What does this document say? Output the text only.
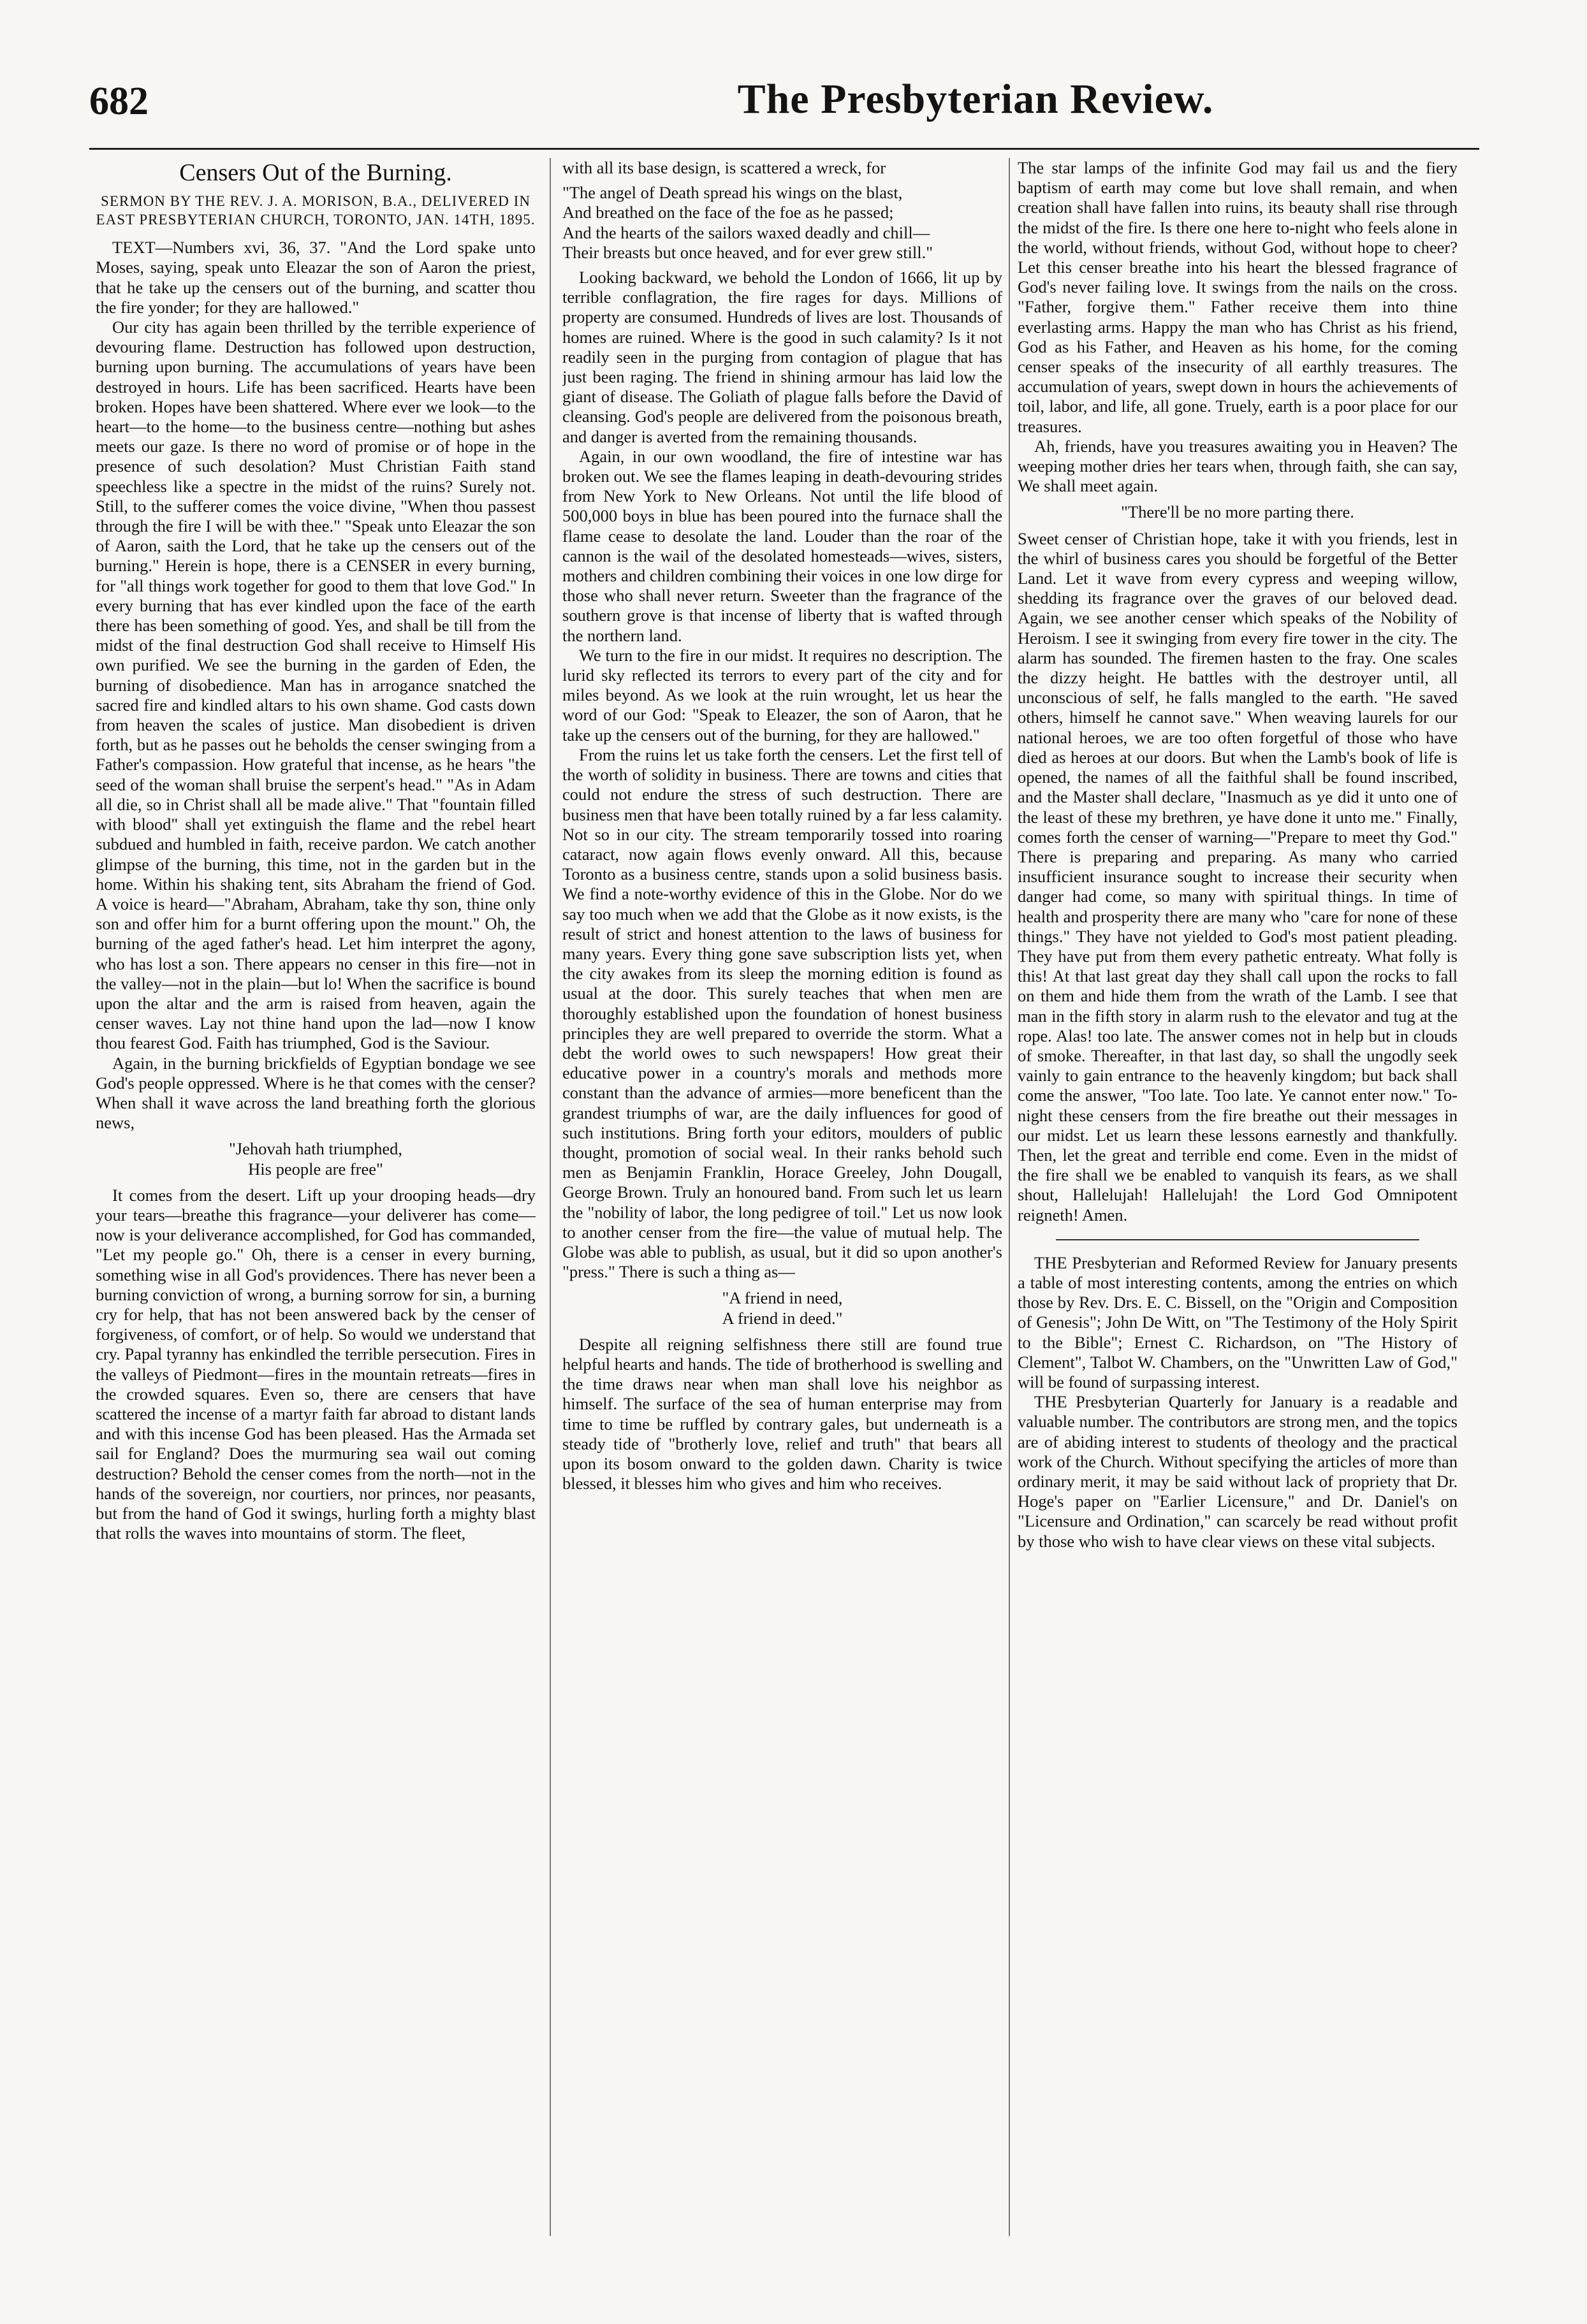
682	The Presbyterian Review.
Censers Out of the Burning.
SERMON BY THE REV. J. A. MORISON, B.A., DELIVERED IN EAST PRESBYTERIAN CHURCH, TORONTO, JAN. 14TH, 1895.

TEXT—Numbers xvi, 36, 37. "And the Lord spake unto Moses, saying, speak unto Eleazar the son of Aaron the priest, that he take up the censers out of the burning, and scatter thou the fire yonder; for they are hallowed."

Our city has again been thrilled by the terrible experience of devouring flame. Destruction has followed upon destruction, burning upon burning. The accumulations of years have been destroyed in hours. Life has been sacrificed. Hearts have been broken. Hopes have been shattered. Where ever we look—to the heart—to the home—to the business centre—nothing but ashes meets our gaze. Is there no word of promise or of hope in the presence of such desolation? Must Christian Faith stand speechless like a spectre in the midst of the ruins? Surely not. Still, to the sufferer comes the voice divine, "When thou passest through the fire I will be with thee." "Speak unto Eleazar the son of Aaron, saith the Lord, that he take up the censers out of the burning." Herein is hope, there is a CENSER in every burning, for "all things work together for good to them that love God." In every burning that has ever kindled upon the face of the earth there has been something of good. Yes, and shall be till from the midst of the final destruction God shall receive to Himself His own purified. We see the burning in the garden of Eden, the burning of disobedience. Man has in arrogance snatched the sacred fire and kindled altars to his own shame. God casts down from heaven the scales of justice. Man disobedient is driven forth, but as he passes out he beholds the censer swinging from a Father's compassion. How grateful that incense, as he hears "the seed of the woman shall bruise the serpent's head." "As in Adam all die, so in Christ shall all be made alive." That "fountain filled with blood" shall yet extinguish the flame and the rebel heart subdued and humbled in faith, receive pardon. We catch another glimpse of the burning, this time, not in the garden but in the home. Within his shaking tent, sits Abraham the friend of God. A voice is heard—"Abraham, Abraham, take thy son, thine only son and offer him for a burnt offering upon the mount." Oh, the burning of the aged father's head. Let him interpret the agony, who has lost a son. There appears no censer in this fire—not in the valley—not in the plain—but lo! When the sacrifice is bound upon the altar and the arm is raised from heaven, again the censer waves. Lay not thine hand upon the lad—now I know thou fearest God. Faith has triumphed, God is the Saviour.

Again, in the burning brickfields of Egyptian bondage we see God's people oppressed. Where is he that comes with the censer? When shall it wave across the land breathing forth the glorious news,

"Jehovah hath triumphed,
His people are free"

It comes from the desert. Lift up your drooping heads—dry your tears—breathe this fragrance—your deliverer has come—now is your deliverance accomplished, for God has commanded, "Let my people go." Oh, there is a censer in every burning, something wise in all God's providences. There has never been a burning conviction of wrong, a burning sorrow for sin, a burning cry for help, that has not been answered back by the censer of forgiveness, of comfort, or of help. So would we understand that cry. Papal tyranny has enkindled the terrible persecution. Fires in the valleys of Piedmont—fires in the mountain retreats—fires in the crowded squares. Even so, there are censers that have scattered the incense of a martyr faith far abroad to distant lands and with this incense God has been pleased. Has the Armada set sail for England? Does the murmuring sea wail out coming destruction? Behold the censer comes from the north—not in the hands of the sovereign, nor courtiers, nor princes, nor peasants, but from the hand of God it swings, hurling forth a mighty blast that rolls the waves into mountains of storm. The fleet,

with all its base design, is scattered a wreck, for

"The angel of Death spread his wings on the blast,
And breathed on the face of the foe as he passed;
And the hearts of the sailors waxed deadly and chill—
Their breasts but once heaved, and for ever grew still."

Looking backward, we behold the London of 1666, lit up by terrible conflagration, the fire rages for days. Millions of property are consumed. Hundreds of lives are lost. Thousands of homes are ruined. Where is the good in such calamity? Is it not readily seen in the purging from contagion of plague that has just been raging. The friend in shining armour has laid low the giant of disease. The Goliath of plague falls before the David of cleansing. God's people are delivered from the poisonous breath, and danger is averted from the remaining thousands.

Again, in our own woodland, the fire of intestine war has broken out. We see the flames leaping in death-devouring strides from New York to New Orleans. Not until the life blood of 500,000 boys in blue has been poured into the furnace shall the flame cease to desolate the land. Louder than the roar of the cannon is the wail of the desolated homesteads—wives, sisters, mothers and children combining their voices in one low dirge for those who shall never return. Sweeter than the fragrance of the southern grove is that incense of liberty that is wafted through the northern land.

We turn to the fire in our midst. It requires no description. The lurid sky reflected its terrors to every part of the city and for miles beyond. As we look at the ruin wrought, let us hear the word of our God: "Speak to Eleazer, the son of Aaron, that he take up the censers out of the burning, for they are hallowed."

From the ruins let us take forth the censers. Let the first tell of the worth of solidity in business. There are towns and cities that could not endure the stress of such destruction. There are business men that have been totally ruined by a far less calamity. Not so in our city. The stream temporarily tossed into roaring cataract, now again flows evenly onward. All this, because Toronto as a business centre, stands upon a solid business basis. We find a note-worthy evidence of this in the Globe. Nor do we say too much when we add that the Globe as it now exists, is the result of strict and honest attention to the laws of business for many years. Every thing gone save subscription lists yet, when the city awakes from its sleep the morning edition is found as usual at the door. This surely teaches that when men are thoroughly established upon the foundation of honest business principles they are well prepared to override the storm. What a debt the world owes to such newspapers! How great their educative power in a country's morals and methods more constant than the advance of armies—more beneficent than the grandest triumphs of war, are the daily influences for good of such institutions. Bring forth your editors, moulders of public thought, promotion of social weal. In their ranks behold such men as Benjamin Franklin, Horace Greeley, John Dougall, George Brown. Truly an honoured band. From such let us learn the "nobility of labor, the long pedigree of toil." Let us now look to another censer from the fire—the value of mutual help. The Globe was able to publish, as usual, but it did so upon another's "press." There is such a thing as—

"A friend in need,
A friend in deed."

Despite all reigning selfishness there still are found true helpful hearts and hands. The tide of brotherhood is swelling and the time draws near when man shall love his neighbor as himself. The surface of the sea of human enterprise may from time to time be ruffled by contrary gales, but underneath is a steady tide of "brotherly love, relief and truth" that bears all upon its bosom onward to the golden dawn. Charity is twice blessed, it blesses him who gives and him who receives.

The star lamps of the infinite God may fail us and the fiery baptism of earth may come but love shall remain, and when creation shall have fallen into ruins, its beauty shall rise through the midst of the fire. Is there one here to-night who feels alone in the world, without friends, without God, without hope to cheer? Let this censer breathe into his heart the blessed fragrance of God's never failing love. It swings from the nails on the cross. "Father, forgive them." Father receive them into thine everlasting arms. Happy the man who has Christ as his friend, God as his Father, and Heaven as his home, for the coming censer speaks of the insecurity of all earthly treasures. The accumulation of years, swept down in hours the achievements of toil, labor, and life, all gone. Truely, earth is a poor place for our treasures.

Ah, friends, have you treasures awaiting you in Heaven? The weeping mother dries her tears when, through faith, she can say, We shall meet again.

"There'll be no more parting there.

Sweet censer of Christian hope, take it with you friends, lest in the whirl of business cares you should be forgetful of the Better Land. Let it wave from every cypress and weeping willow, shedding its fragrance over the graves of our beloved dead. Again, we see another censer which speaks of the Nobility of Heroism. I see it swinging from every fire tower in the city. The alarm has sounded. The firemen hasten to the fray. One scales the dizzy height. He battles with the destroyer until, all unconscious of self, he falls mangled to the earth. "He saved others, himself he cannot save." When weaving laurels for our national heroes, we are too often forgetful of those who have died as heroes at our doors. But when the Lamb's book of life is opened, the names of all the faithful shall be found inscribed, and the Master shall declare, "Inasmuch as ye did it unto one of the least of these my brethren, ye have done it unto me." Finally, comes forth the censer of warning—"Prepare to meet thy God." There is preparing and preparing. As many who carried insufficient insurance sought to increase their security when danger had come, so many with spiritual things. In time of health and prosperity there are many who "care for none of these things." They have not yielded to God's most patient pleading. They have put from them every pathetic entreaty. What folly is this! At that last great day they shall call upon the rocks to fall on them and hide them from the wrath of the Lamb. I see that man in the fifth story in alarm rush to the elevator and tug at the rope. Alas! too late. The answer comes not in help but in clouds of smoke. Thereafter, in that last day, so shall the ungodly seek vainly to gain entrance to the heavenly kingdom; but back shall come the answer, "Too late. Too late. Ye cannot enter now." To-night these censers from the fire breathe out their messages in our midst. Let us learn these lessons earnestly and thankfully. Then, let the great and terrible end come. Even in the midst of the fire shall we be enabled to vanquish its fears, as we shall shout, Hallelujah! Hallelujah! the Lord God Omnipotent reigneth! Amen.

THE Presbyterian and Reformed Review for January presents a table of most interesting contents, among the entries on which those by Rev. Drs. E. C. Bissell, on the "Origin and Composition of Genesis"; John De Witt, on "The Testimony of the Holy Spirit to the Bible"; Ernest C. Richardson, on "The History of Clement", Talbot W. Chambers, on the "Unwritten Law of God," will be found of surpassing interest.

THE Presbyterian Quarterly for January is a readable and valuable number. The contributors are strong men, and the topics are of abiding interest to students of theology and the practical work of the Church. Without specifying the articles of more than ordinary merit, it may be said without lack of propriety that Dr. Hoge's paper on "Earlier Licensure," and Dr. Daniel's on "Licensure and Ordination," can scarcely be read without profit by those who wish to have clear views on these vital subjects.
